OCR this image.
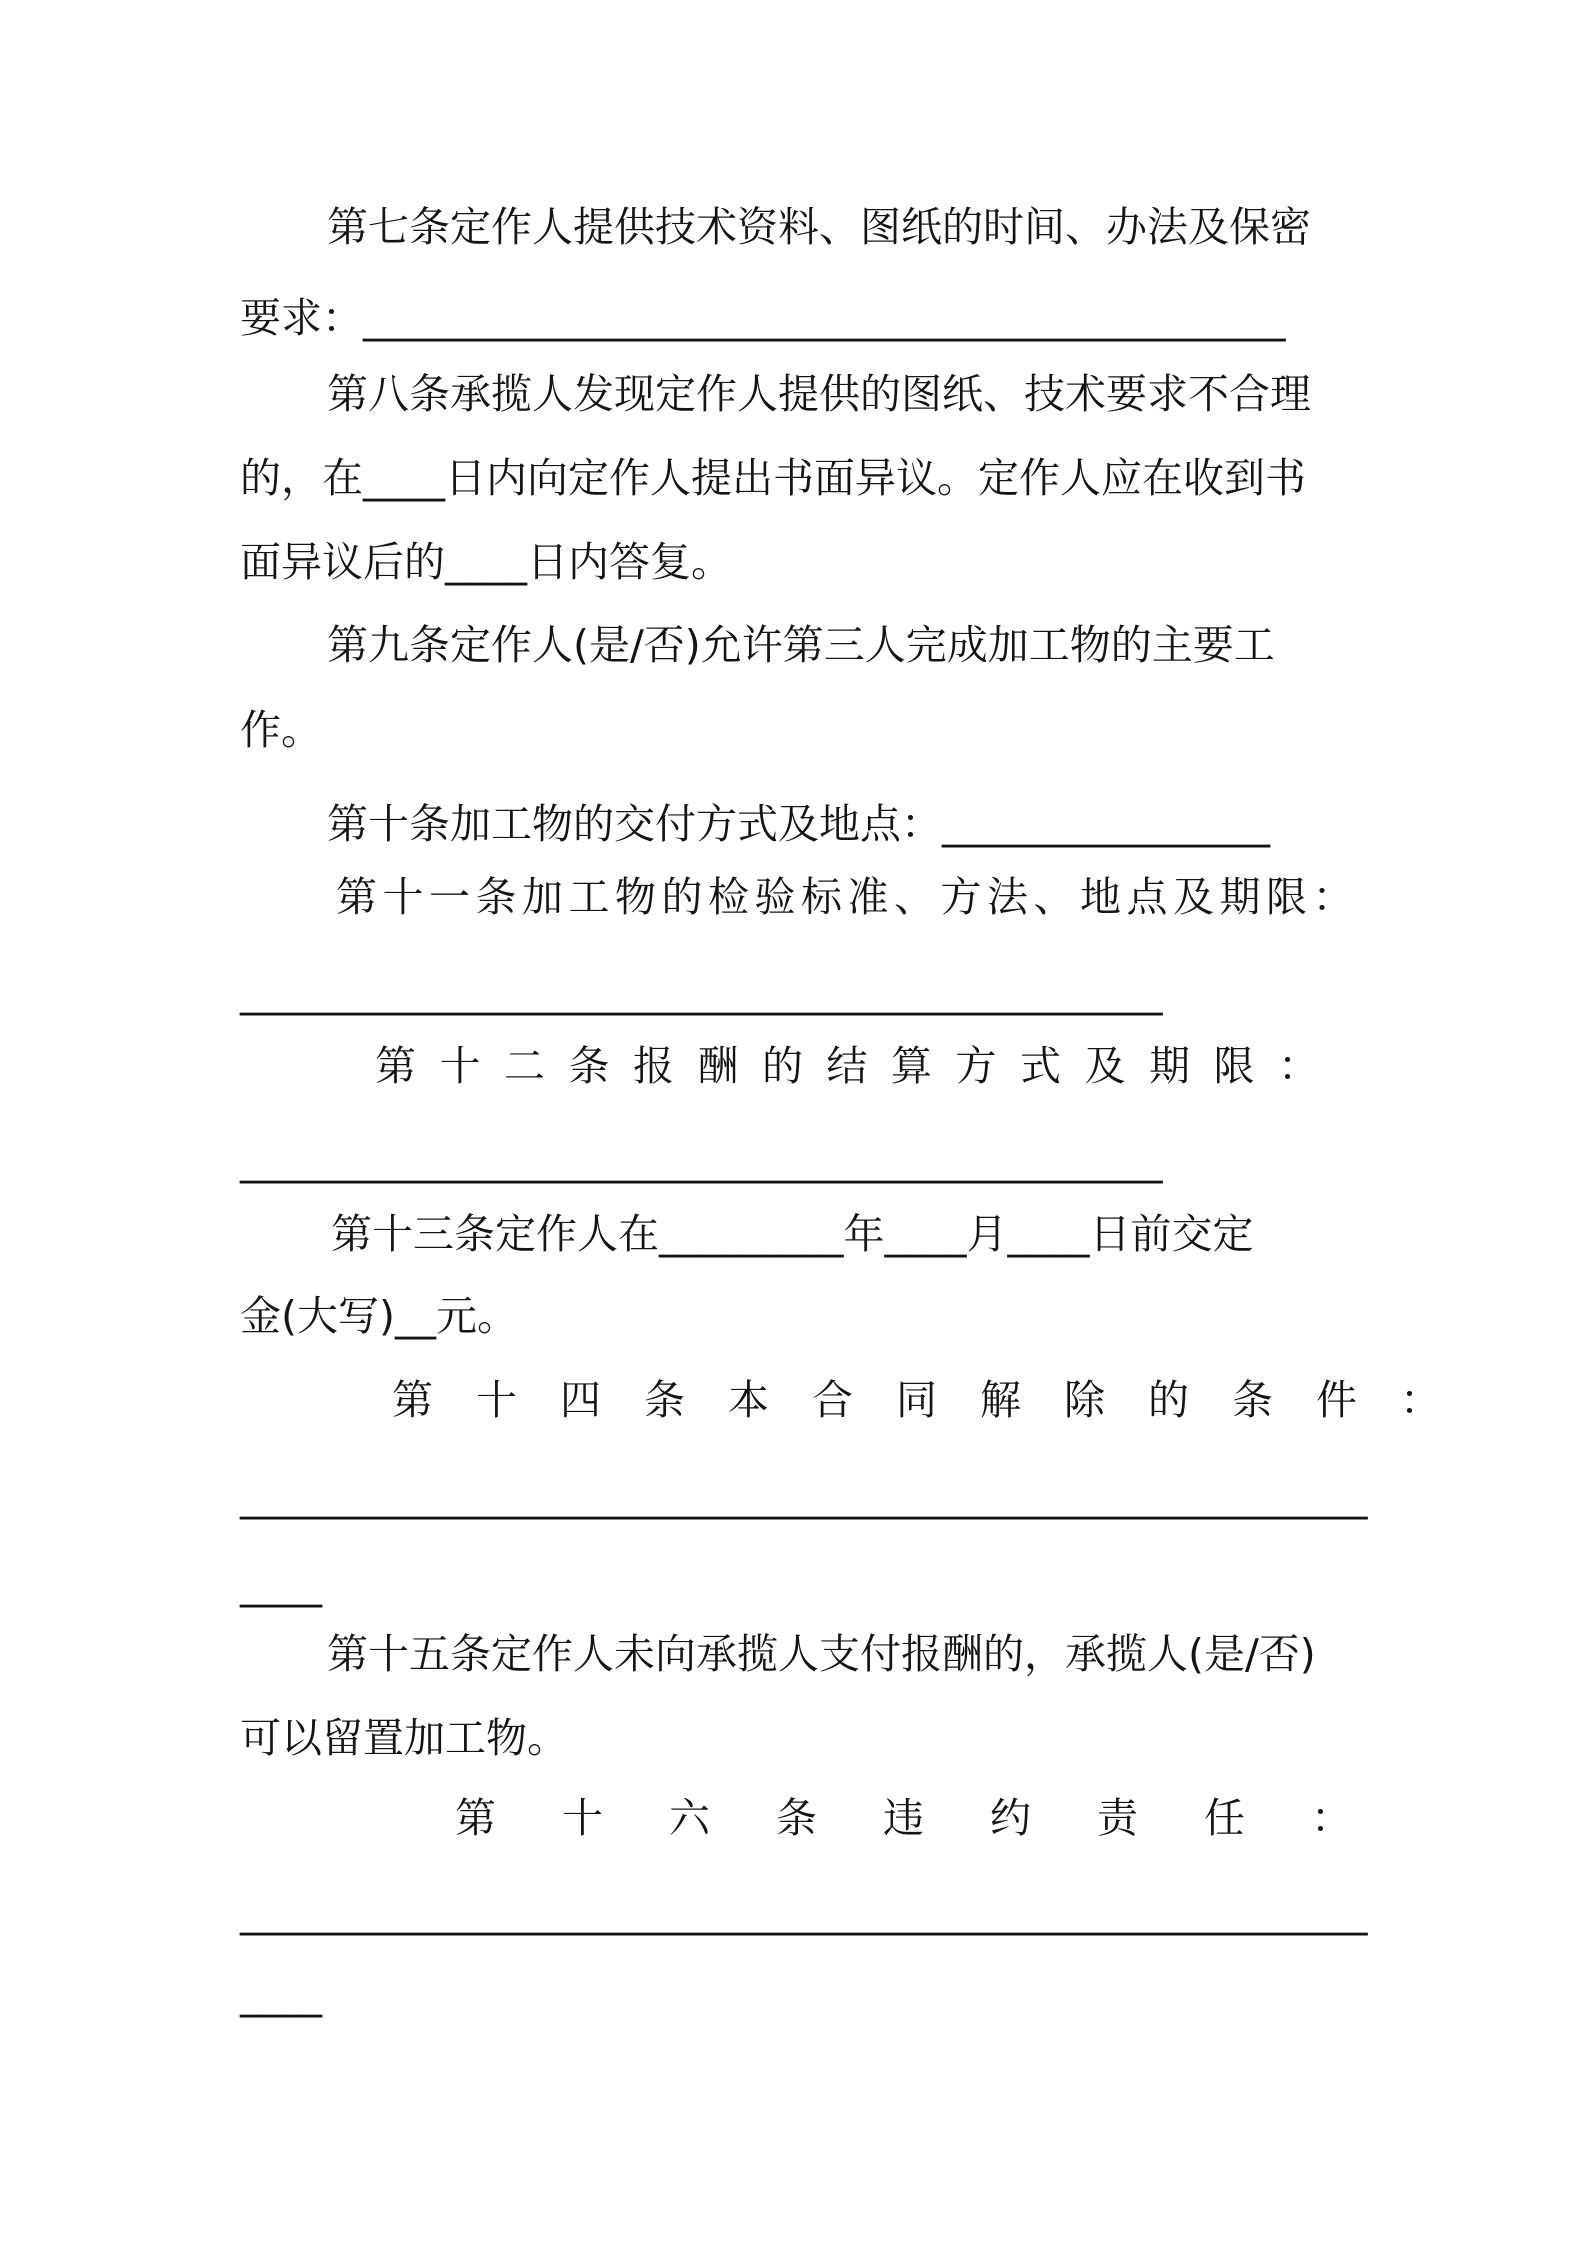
第七条定作人提供技术资料、图纸的时间、办法及保密

要求：_____________________________________________

第八条承揽人发现定作人提供的图纸、技术要求不合理

的，在____日内向定作人提出书面异议。定作人应在收到书

面异议后的____日内答复。

第九条定作人(是/否)允许第三人完成加工物的主要工

作。

第十条加工物的交付方式及地点：________________

第十一条加工物的检验标准、方法、地点及期限：

_____________________________________________

第十二条报酬的结算方式及期限：

_____________________________________________

第十三条定作人在_________年____月____日前交定

金(大写)__元。

第十四条本合同解除的条件：

_______________________________________________________

____

第十五条定作人未向承揽人支付报酬的，承揽人(是/否)

可以留置加工物。

第十六条违约责任：

_______________________________________________________

____
